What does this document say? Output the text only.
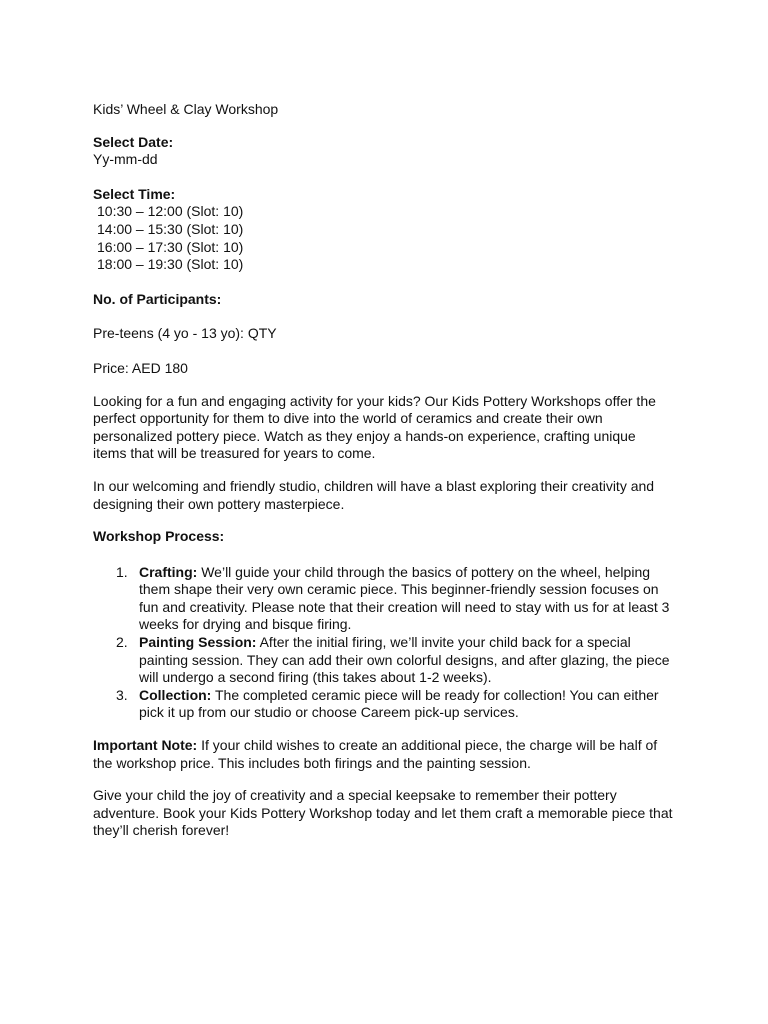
Kids’ Wheel & Clay Workshop

Select Date:

Yy-mm-dd

Select Time:

10:30 – 12:00 (Slot: 10)

14:00 – 15:30 (Slot: 10)

16:00 – 17:30 (Slot: 10)

18:00 – 19:30 (Slot: 10)

No. of Participants:

Pre-teens (4 yo - 13 yo): QTY

Price: AED 180

Looking for a fun and engaging activity for your kids? Our Kids Pottery Workshops offer the perfect opportunity for them to dive into the world of ceramics and create their own personalized pottery piece. Watch as they enjoy a hands-on experience, crafting unique items that will be treasured for years to come.

In our welcoming and friendly studio, children will have a blast exploring their creativity and designing their own pottery masterpiece.

Workshop Process:

1. Crafting: We’ll guide your child through the basics of pottery on the wheel, helping them shape their very own ceramic piece. This beginner-friendly session focuses on fun and creativity. Please note that their creation will need to stay with us for at least 3 weeks for drying and bisque firing.
2. Painting Session: After the initial firing, we’ll invite your child back for a special painting session. They can add their own colorful designs, and after glazing, the piece will undergo a second firing (this takes about 1-2 weeks).
3. Collection: The completed ceramic piece will be ready for collection! You can either pick it up from our studio or choose Careem pick-up services.

Important Note: If your child wishes to create an additional piece, the charge will be half of the workshop price. This includes both firings and the painting session.

Give your child the joy of creativity and a special keepsake to remember their pottery adventure. Book your Kids Pottery Workshop today and let them craft a memorable piece that they’ll cherish forever!
